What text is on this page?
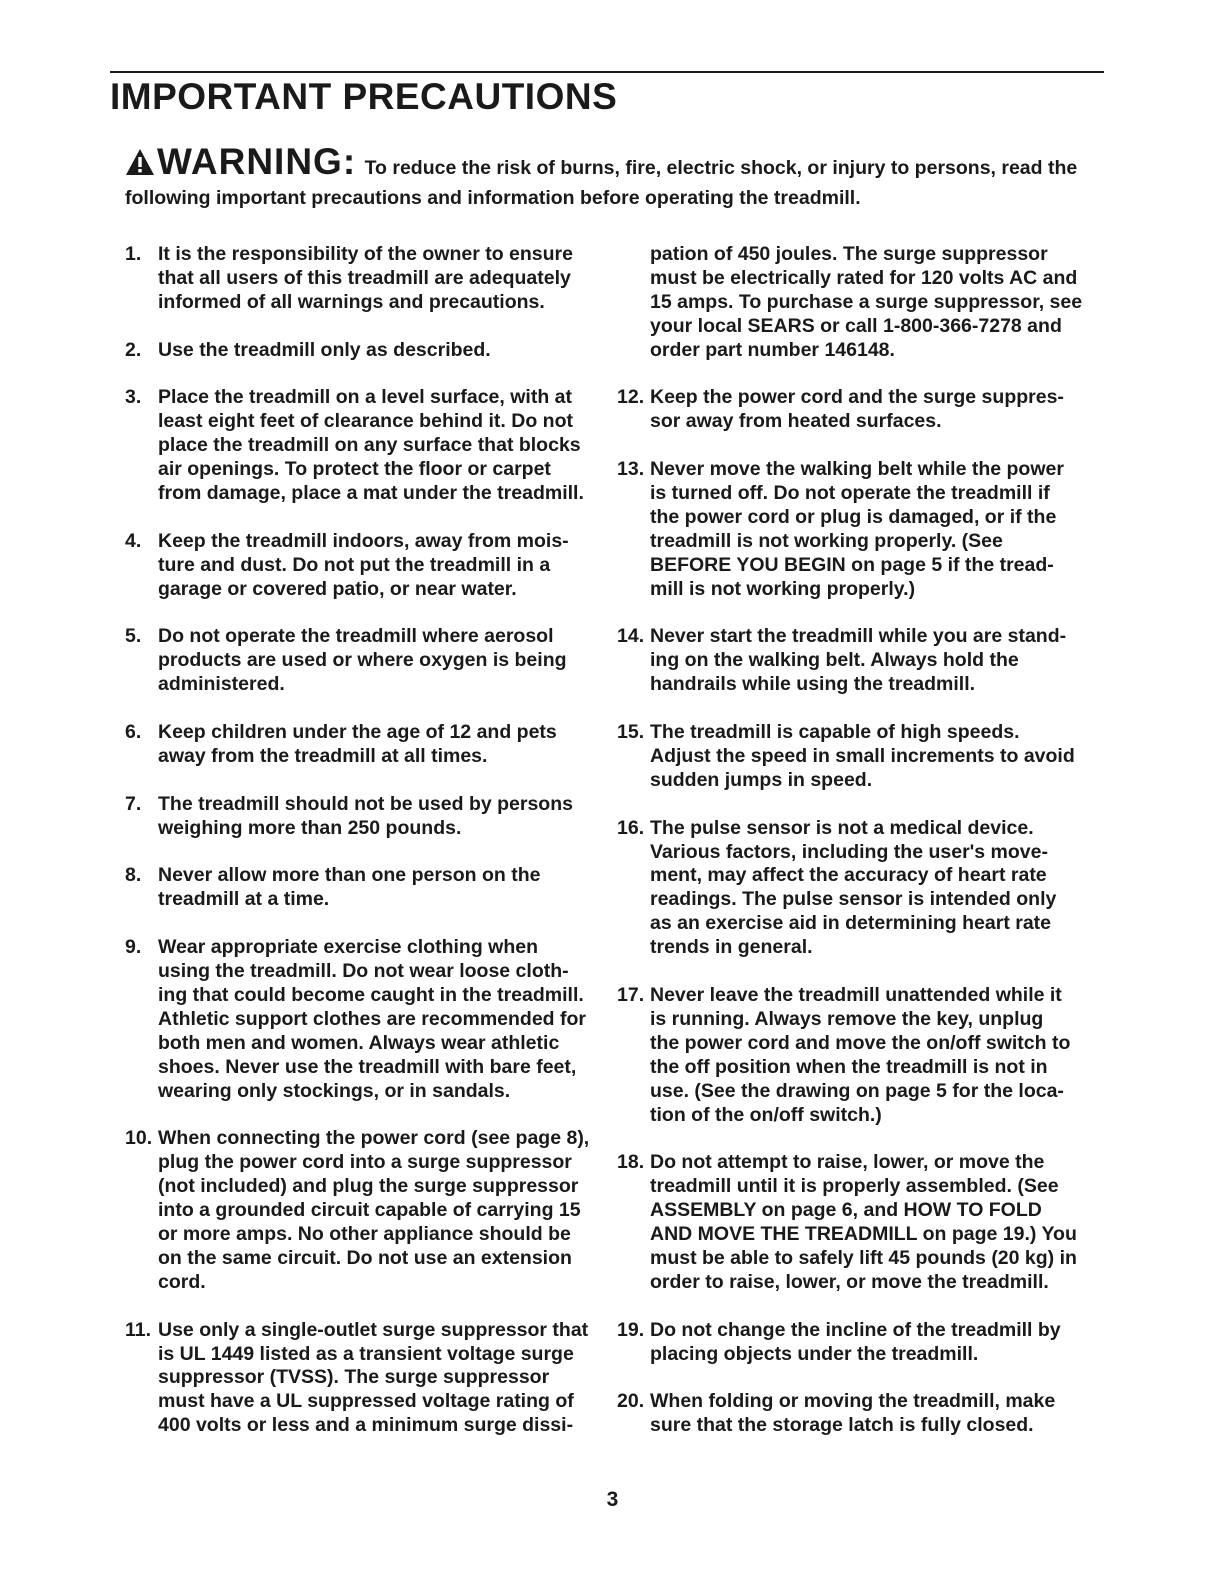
IMPORTANT PRECAUTIONS
WARNING: To reduce the risk of burns, fire, electric shock, or injury to persons, read the following important precautions and information before operating the treadmill.
1. It is the responsibility of the owner to ensure
that all users of this treadmill are adequately
informed of all warnings and precautions.
2. Use the treadmill only as described.
3. Place the treadmill on a level surface, with at
least eight feet of clearance behind it. Do not
place the treadmill on any surface that blocks
air openings. To protect the floor or carpet
from damage, place a mat under the treadmill.
4. Keep the treadmill indoors, away from mois-
ture and dust. Do not put the treadmill in a
garage or covered patio, or near water.
5. Do not operate the treadmill where aerosol
products are used or where oxygen is being
administered.
6. Keep children under the age of 12 and pets
away from the treadmill at all times.
7. The treadmill should not be used by persons
weighing more than 250 pounds.
8. Never allow more than one person on the
treadmill at a time.
9. Wear appropriate exercise clothing when
using the treadmill. Do not wear loose cloth-
ing that could become caught in the treadmill.
Athletic support clothes are recommended for
both men and women. Always wear athletic
shoes. Never use the treadmill with bare feet,
wearing only stockings, or in sandals.
10. When connecting the power cord (see page 8),
plug the power cord into a surge suppressor
(not included) and plug the surge suppressor
into a grounded circuit capable of carrying 15
or more amps. No other appliance should be
on the same circuit. Do not use an extension
cord.
11. Use only a single-outlet surge suppressor that
is UL 1449 listed as a transient voltage surge
suppressor (TVSS). The surge suppressor
must have a UL suppressed voltage rating of
400 volts or less and a minimum surge dissi-
pation of 450 joules. The surge suppressor
must be electrically rated for 120 volts AC and
15 amps. To purchase a surge suppressor, see
your local SEARS or call 1-800-366-7278 and
order part number 146148.
12. Keep the power cord and the surge suppres-
sor away from heated surfaces.
13. Never move the walking belt while the power
is turned off. Do not operate the treadmill if
the power cord or plug is damaged, or if the
treadmill is not working properly. (See
BEFORE YOU BEGIN on page 5 if the tread-
mill is not working properly.)
14. Never start the treadmill while you are stand-
ing on the walking belt. Always hold the
handrails while using the treadmill.
15. The treadmill is capable of high speeds.
Adjust the speed in small increments to avoid
sudden jumps in speed.
16. The pulse sensor is not a medical device.
Various factors, including the user's move-
ment, may affect the accuracy of heart rate
readings. The pulse sensor is intended only
as an exercise aid in determining heart rate
trends in general.
17. Never leave the treadmill unattended while it
is running. Always remove the key, unplug
the power cord and move the on/off switch to
the off position when the treadmill is not in
use. (See the drawing on page 5 for the loca-
tion of the on/off switch.)
18. Do not attempt to raise, lower, or move the
treadmill until it is properly assembled. (See
ASSEMBLY on page 6, and HOW TO FOLD
AND MOVE THE TREADMILL on page 19.) You
must be able to safely lift 45 pounds (20 kg) in
order to raise, lower, or move the treadmill.
19. Do not change the incline of the treadmill by
placing objects under the treadmill.
20. When folding or moving the treadmill, make
sure that the storage latch is fully closed.
3
